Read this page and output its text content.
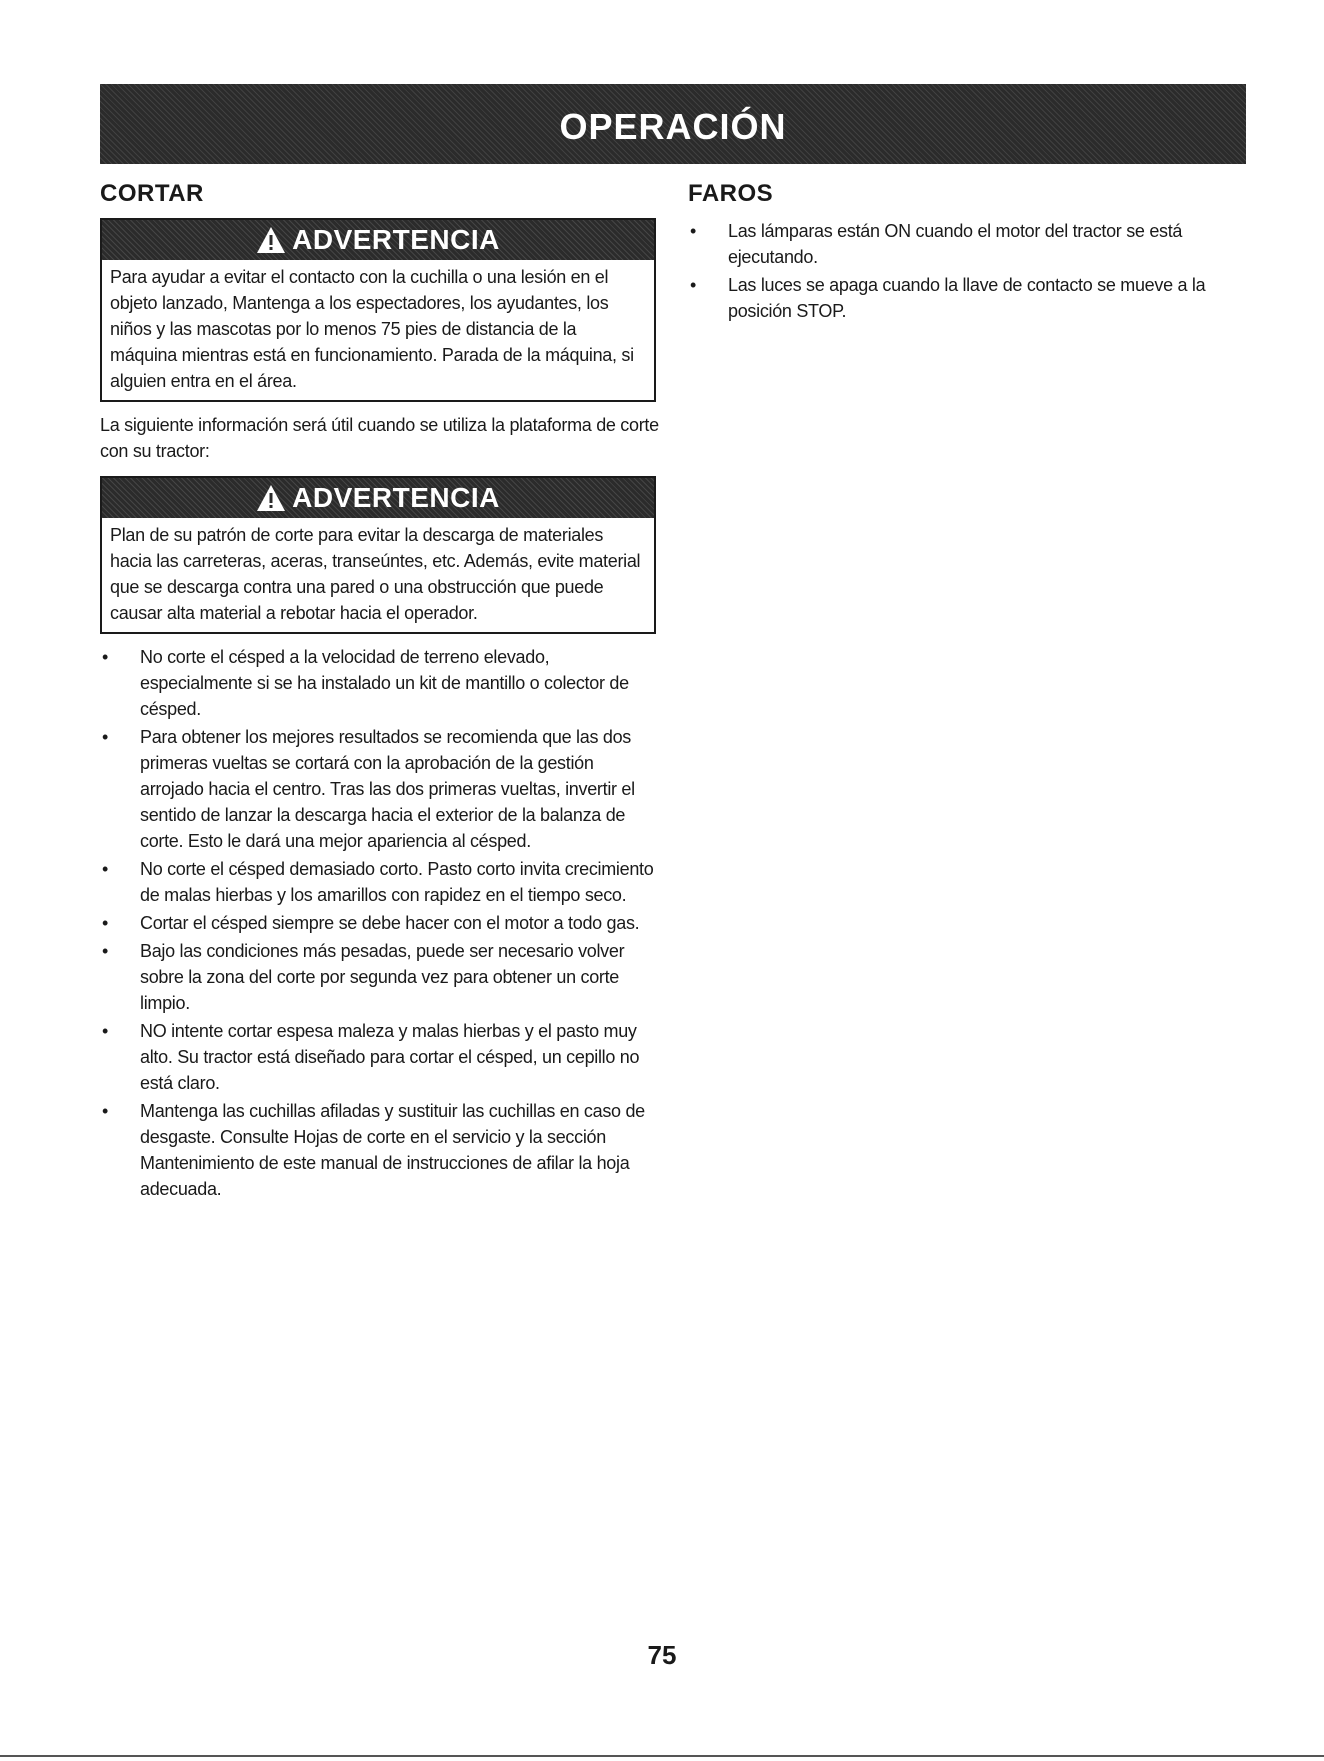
OPERACIÓN
CORTAR
ADVERTENCIA
Para ayudar a evitar el contacto con la cuchilla o una lesión en el objeto lanzado, Mantenga a los espectadores, los ayudantes, los niños y las mascotas por lo menos 75 pies de distancia de la máquina mientras está en funcionamiento. Parada de la máquina, si alguien entra en el área.

La siguiente información será útil cuando se utiliza la plataforma de corte con su tractor:

ADVERTENCIA
Plan de su patrón de corte para evitar la descarga de materiales hacia las carreteras, aceras, transeúntes, etc. Además, evite material que se descarga contra una pared o una obstrucción que puede causar alta material a rebotar hacia el operador.
• No corte el césped a la velocidad de terreno elevado, especialmente si se ha instalado un kit de mantillo o colector de césped.
• Para obtener los mejores resultados se recomienda que las dos primeras vueltas se cortará con la aprobación de la gestión arrojado hacia el centro. Tras las dos primeras vueltas, invertir el sentido de lanzar la descarga hacia el exterior de la balanza de corte. Esto le dará una mejor apariencia al césped.
• No corte el césped demasiado corto. Pasto corto invita crecimiento de malas hierbas y los amarillos con rapidez en el tiempo seco.
• Cortar el césped siempre se debe hacer con el motor a todo gas.
• Bajo las condiciones más pesadas, puede ser necesario volver sobre la zona del corte por segunda vez para obtener un corte limpio.
• NO intente cortar espesa maleza y malas hierbas y el pasto muy alto. Su tractor está diseñado para cortar el césped, un cepillo no está claro.
• Mantenga las cuchillas afiladas y sustituir las cuchillas en caso de desgaste. Consulte Hojas de corte en el servicio y la sección Mantenimiento de este manual de instrucciones de afilar la hoja adecuada.
FAROS
• Las lámparas están ON cuando el motor del tractor se está ejecutando.
• Las luces se apaga cuando la llave de contacto se mueve a la posición STOP.
75
